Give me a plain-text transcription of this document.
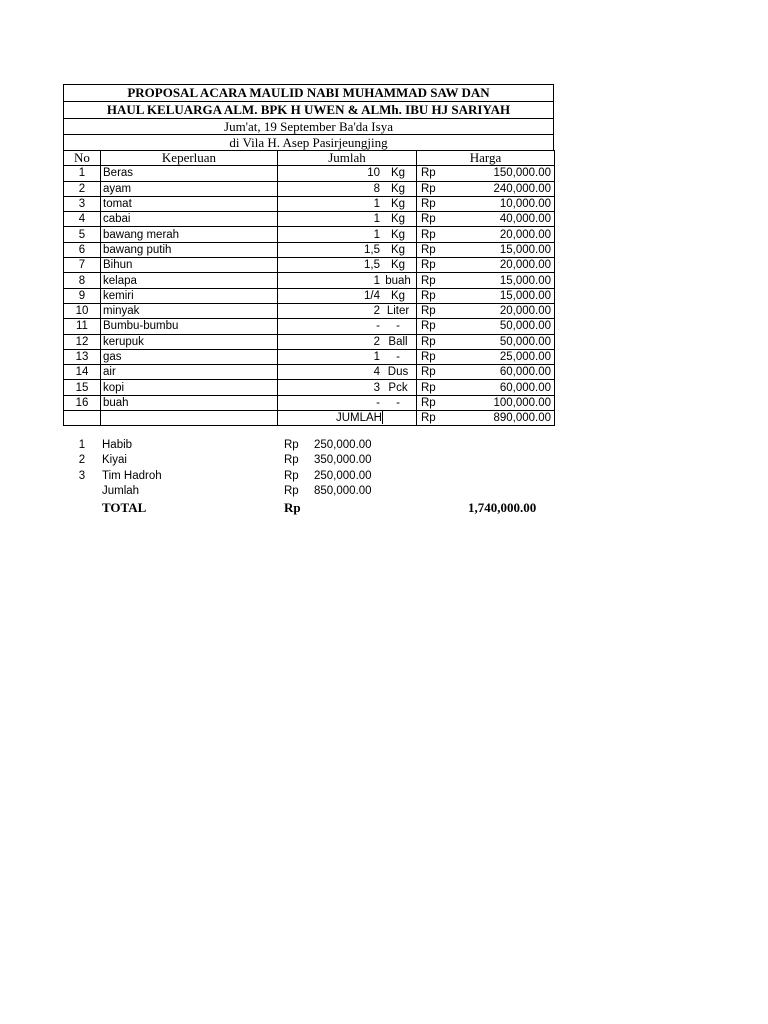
PROPOSAL ACARA MAULID NABI MUHAMMAD SAW DAN
HAUL KELUARGA ALM. BPK H UWEN & ALMh. IBU HJ SARIYAH
Jum'at, 19 September Ba'da Isya
di Vila H. Asep Pasirjeungjing
No	Keperluan	Jumlah	Harga	
1	Beras	10 Kg	Rp	150,000.00
2	ayam	8 Kg	Rp	240,000.00
3	tomat	1 Kg	Rp	10,000.00
4	cabai	1 Kg	Rp	40,000.00
5	bawang merah	1 Kg	Rp	20,000.00
6	bawang putih	1,5 Kg	Rp	15,000.00
7	Bihun	1,5 Kg	Rp	20,000.00
8	kelapa	1 buah	Rp	15,000.00
9	kemiri	1/4 Kg	Rp	15,000.00
10	minyak	2 Liter	Rp	20,000.00
11	Bumbu-bumbu	- -	Rp	50,000.00
12	kerupuk	2 Ball	Rp	50,000.00
13	gas	1 -	Rp	25,000.00
14	air	4 Dus	Rp	60,000.00
15	kopi	3 Pck	Rp	60,000.00
16	buah	- -	Rp	100,000.00
		JUMLAH	Rp	890,000.00
1	Habib	Rp 250,000.00
2	Kiyai	Rp 350,000.00
3	Tim Hadroh	Rp 250,000.00
Jumlah	Rp 850,000.00
TOTAL	Rp	1,740,000.00
